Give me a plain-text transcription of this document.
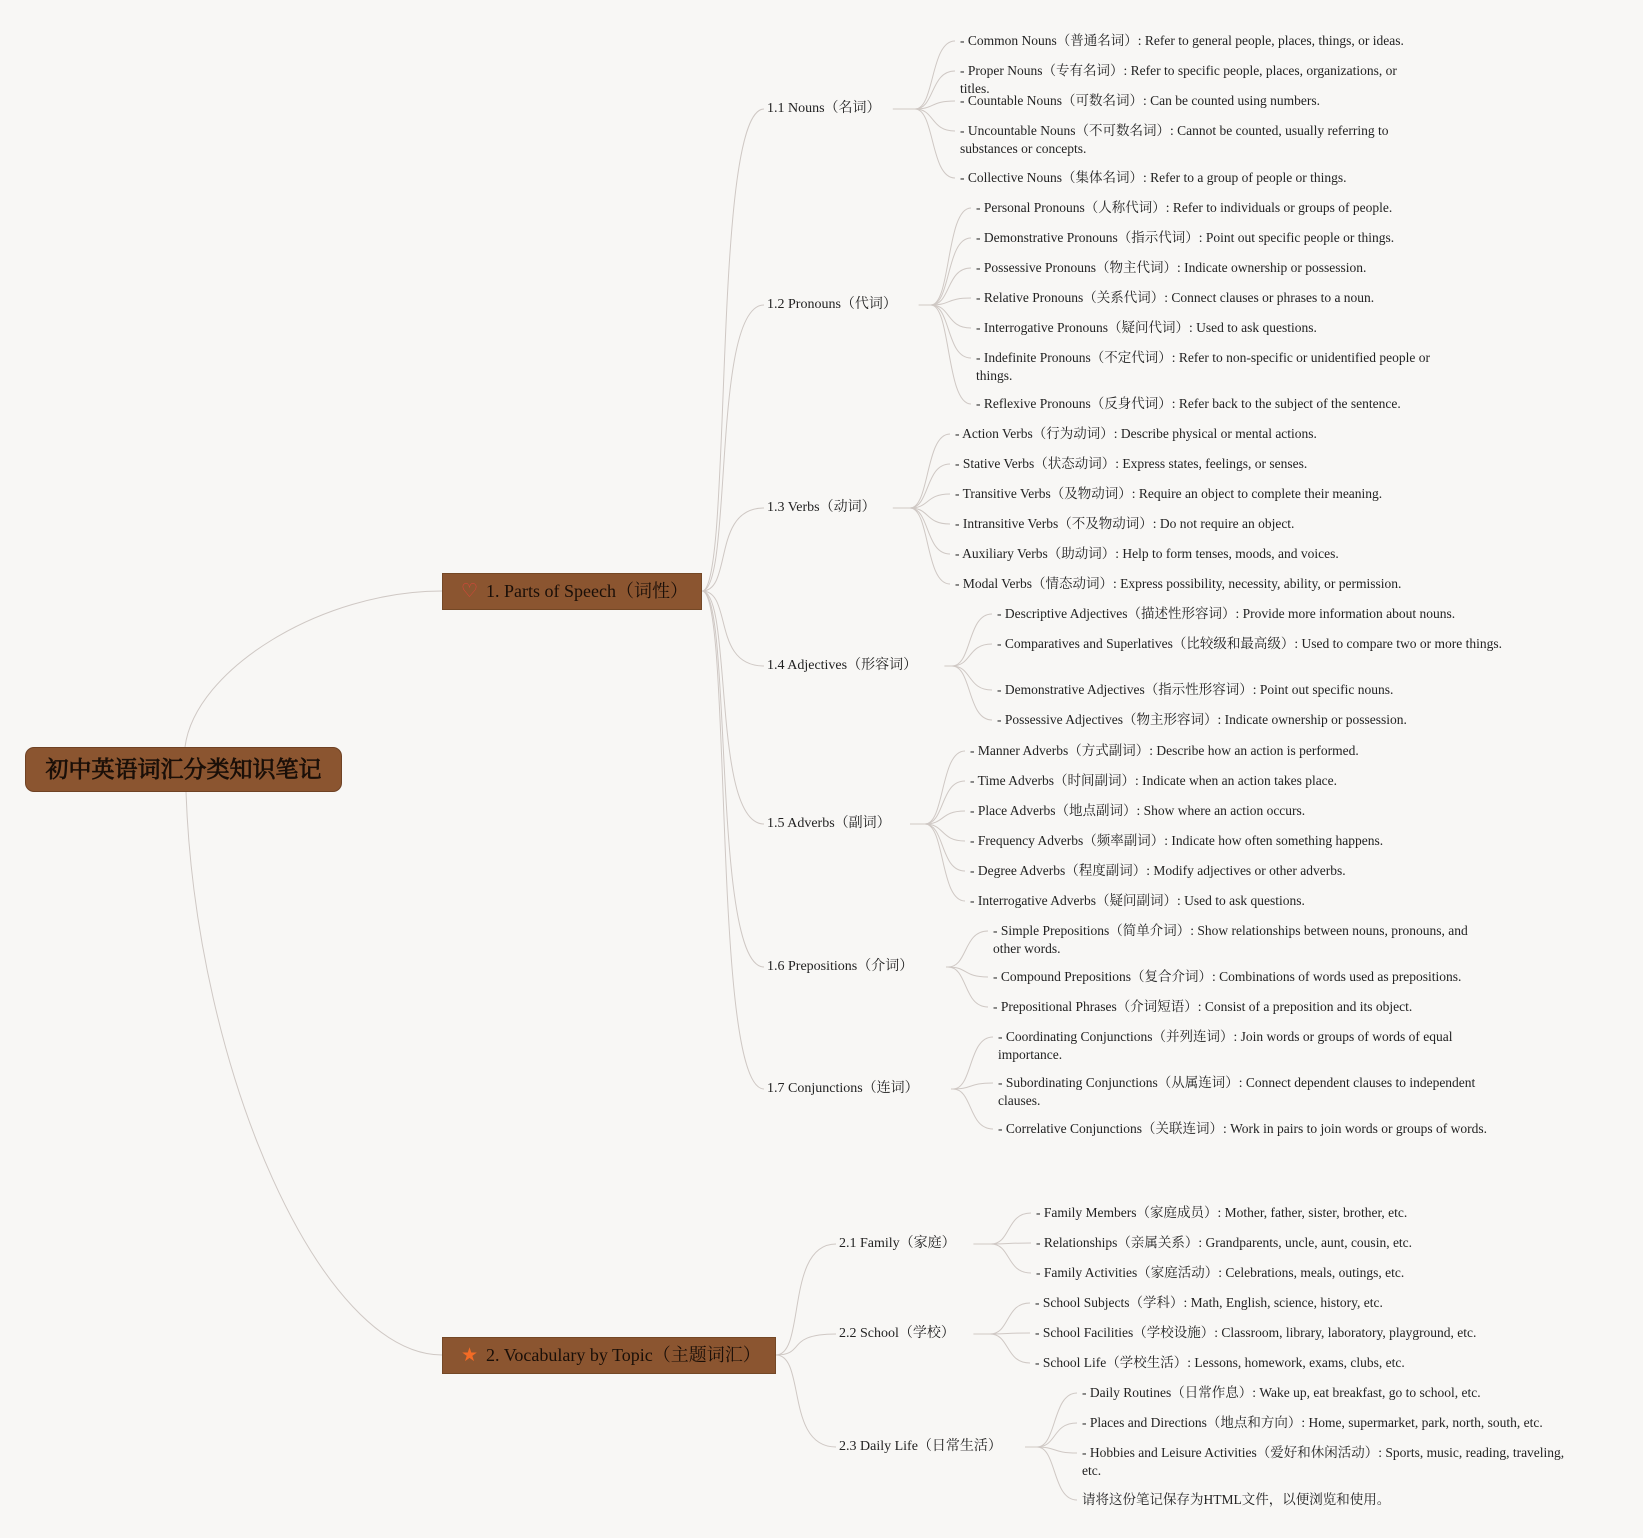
初中英语词汇分类知识笔记
♡ 1. Parts of Speech（词性）
1.1 Nouns（名词）
- Common Nouns（普通名词）: Refer to general people, places, things, or ideas.
- Proper Nouns（专有名词）: Refer to specific people, places, organizations, or titles.
- Countable Nouns（可数名词）: Can be counted using numbers.
- Uncountable Nouns（不可数名词）: Cannot be counted, usually referring to substances or concepts.
- Collective Nouns（集体名词）: Refer to a group of people or things.
1.2 Pronouns（代词）
- Personal Pronouns（人称代词）: Refer to individuals or groups of people.
- Demonstrative Pronouns（指示代词）: Point out specific people or things.
- Possessive Pronouns（物主代词）: Indicate ownership or possession.
- Relative Pronouns（关系代词）: Connect clauses or phrases to a noun.
- Interrogative Pronouns（疑问代词）: Used to ask questions.
- Indefinite Pronouns（不定代词）: Refer to non-specific or unidentified people or things.
- Reflexive Pronouns（反身代词）: Refer back to the subject of the sentence.
1.3 Verbs（动词）
- Action Verbs（行为动词）: Describe physical or mental actions.
- Stative Verbs（状态动词）: Express states, feelings, or senses.
- Transitive Verbs（及物动词）: Require an object to complete their meaning.
- Intransitive Verbs（不及物动词）: Do not require an object.
- Auxiliary Verbs（助动词）: Help to form tenses, moods, and voices.
- Modal Verbs（情态动词）: Express possibility, necessity, ability, or permission.
1.4 Adjectives（形容词）
- Descriptive Adjectives（描述性形容词）: Provide more information about nouns.
- Comparatives and Superlatives（比较级和最高级）: Used to compare two or more things.
- Demonstrative Adjectives（指示性形容词）: Point out specific nouns.
- Possessive Adjectives（物主形容词）: Indicate ownership or possession.
1.5 Adverbs（副词）
- Manner Adverbs（方式副词）: Describe how an action is performed.
- Time Adverbs（时间副词）: Indicate when an action takes place.
- Place Adverbs（地点副词）: Show where an action occurs.
- Frequency Adverbs（频率副词）: Indicate how often something happens.
- Degree Adverbs（程度副词）: Modify adjectives or other adverbs.
- Interrogative Adverbs（疑问副词）: Used to ask questions.
1.6 Prepositions（介词）
- Simple Prepositions（简单介词）: Show relationships between nouns, pronouns, and other words.
- Compound Prepositions（复合介词）: Combinations of words used as prepositions.
- Prepositional Phrases（介词短语）: Consist of a preposition and its object.
1.7 Conjunctions（连词）
- Coordinating Conjunctions（并列连词）: Join words or groups of words of equal importance.
- Subordinating Conjunctions（从属连词）: Connect dependent clauses to independent clauses.
- Correlative Conjunctions（关联连词）: Work in pairs to join words or groups of words.
★ 2. Vocabulary by Topic（主题词汇）
2.1 Family（家庭）
- Family Members（家庭成员）: Mother, father, sister, brother, etc.
- Relationships（亲属关系）: Grandparents, uncle, aunt, cousin, etc.
- Family Activities（家庭活动）: Celebrations, meals, outings, etc.
2.2 School（学校）
- School Subjects（学科）: Math, English, science, history, etc.
- School Facilities（学校设施）: Classroom, library, laboratory, playground, etc.
- School Life（学校生活）: Lessons, homework, exams, clubs, etc.
2.3 Daily Life（日常生活）
- Daily Routines（日常作息）: Wake up, eat breakfast, go to school, etc.
- Places and Directions（地点和方向）: Home, supermarket, park, north, south, etc.
- Hobbies and Leisure Activities（爱好和休闲活动）: Sports, music, reading, traveling, etc.
请将这份笔记保存为HTML文件，以便浏览和使用。
